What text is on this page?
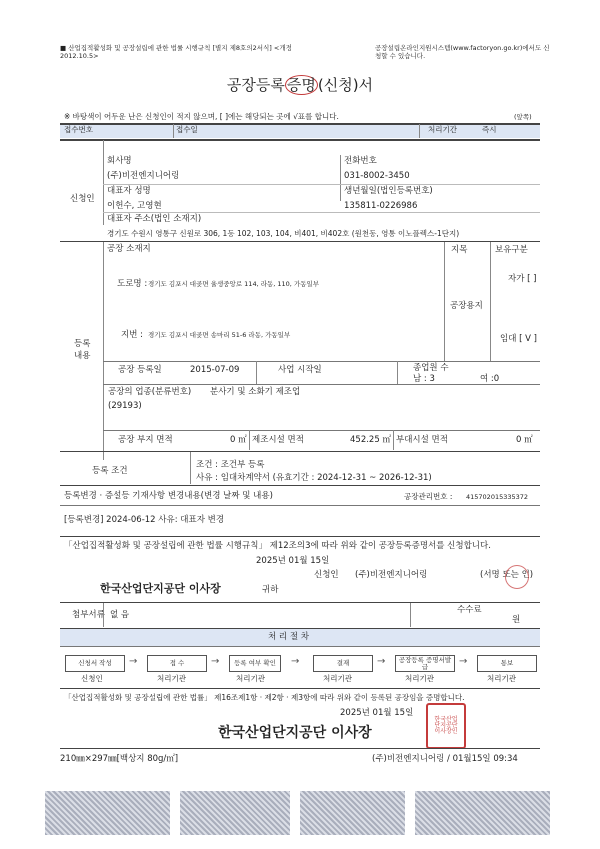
■ 산업집적활성화 및 공장설립에 관한 법률 시행규칙 [별지 제8호의2서식] <개정 2012.10.5>
공장설립온라인지원시스템(www.factoryon.go.kr)에서도 신청할 수 있습니다.
공장등록 증명 (신청)서
※ 바탕색이 어두운 난은 신청인이 적지 않으며, [ ]에는 해당되는 곳에 √표를 합니다.	(앞쪽)
접수번호	접수일	처리기간	즉시
신청인
회사명
(주)비전엔지니어링
전화번호
031-8002-3450
대표자 성명
이헌수, 고영현
생년월일(법인등록번호)
135811-0226986
대표자 주소(법인 소재지)
경기도 수원시 영통구 신원로 306, 1동 102, 103, 104, 비401, 비402호 (원천동, 영통 이노플렉스-1단지)
등록
내용
공장 소재지	지목
공장용지
보유구분
자가 [ ]
임대 [ V ]
도로명 : 경기도 김포시 대곶면 율생중앙로 114, 라동, 110, 가동일부
지번 : 경기도 김포시 대곶면 송마리 51-6 라동, 가동일부
공장 등록일	2015-07-09	사업 시작일	종업원 수
남 : 3	여 :0
공장의 업종(분류번호) 분사기 및 소화기 제조업
(29193)
공장 부지 면적	0 ㎡ 제조시설 면적	452.25 ㎡ 부대시설 면적	0 ㎡
등록 조건
조건 : 조건부 등록
사유 : 임대차계약서 (유효기간 : 2024-12-31 ~ 2026-12-31)
등록변경 · 증설등 기재사항 변경내용(변경 날짜 및 내용)	공장관리번호 : 415702015335372
[등록변경] 2024-06-12 사유: 대표자 변경
「산업집적활성화 및 공장설립에 관한 법률 시행규칙」 제12조의3에 따라 위와 같이 공장등록증명서를 신청합니다.
2025년 01월 15일
신청인 (주)비전엔지니어링	(서명 또는 인)
한국산업단지공단 이사장	귀하
첨부서류 없 음	수수료
원
처 리 절 차
신청서 작성	→	접 수	→	등록 여부 확인	→	결재	→	공장등록 증명서발급	→	통보
신청인	처리기관	처리기관	처리기관	처리기관	처리기관
「산업집적활성화 및 공장설립에 관한 법률」 제16조제1항 · 제2항 · 제3항에 따라 위와 같이 등록된 공장임을 증명합니다.
2025년 01월 15일
한국산업단지공단 이사장
한국산업단지공단이사장인
210㎜×297㎜[백상지 80g/㎡]	(주)비전엔지니어링 / 01월15일 09:34
